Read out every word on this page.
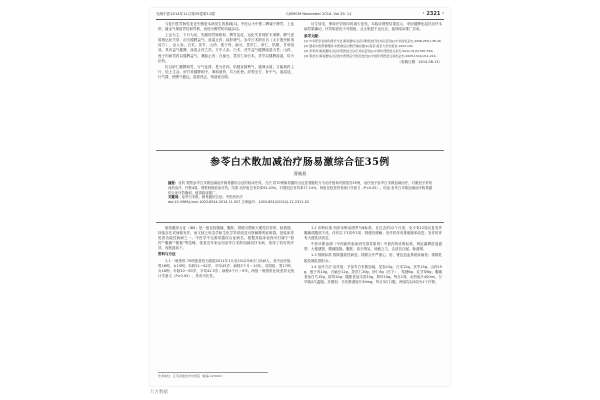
光明中医2014年11月第29卷第11期	CJGMCM November 2014. Vol 29. 11	· 2321 ·

与复归性胃肠性变化失衡是本病发生的基础[1]。中医认为中焦二脾属于脾胃，上连肝，属金气保留胃经和胃筋，表现为脾胃的功能活动。

上运为主，下行为动，先顺则胃肠相和，脾胃运化，运化失常则肝木乘脾，脾气虚弱则运化失常，治当健脾益气、渗湿止泻、疏肝理气。参苓白术散出自《太平惠民和剂局方》，由人参、白术、茯苓、山药、莲子肉、扁豆、薏苡仁、砂仁、桔梗、甘草组成，具有益气健脾、渗湿止泻之效。方中人参、白术、茯苓益气健脾渗湿为君；山药、莲子肉助君药以健脾益气，兼能止泻；白扁豆、薏苡仁助白术、茯苓以健脾渗湿，均为臣药。

佐以砂仁醒脾和胃，行气化滞，是为佐药。桔梗宣肺利气，通调水道，又能载药上行，培土生金。炒甘草健脾和中，调和诸药，共为佐使。综观全方，补中气，渗湿浊，行气滞，使脾气健运，湿邪得去，则诸症自除。

衍生转变，保持疗效的同时减少复发。本临床观察结果显示，采用健脾化湿法治疗本病效果确切，疗效明显优于对照组，且无明显不良反应，值得临床推广应用。

参考文献：
[1] 中华医学会消化病学分会.肠易激综合征诊断和治疗的共识意见[J].中华消化杂志,2008,28(1):38-40.
[2] 国家中医药管理局.中医病证诊断疗效标准[S].南京:南京大学出版社,1994:102.
[3] 李军祥.肠易激综合征中西医结合诊疗共识意见[J].中国中西医结合杂志,2011,31(5):587-590.
[4] 陈治水.肠易激综合征的中医辨证分型及治疗[J].中国中西医结合消化杂志,2005,13(4):211-214.
（收稿日期：2014.06.13）
参苓白术散加减治疗肠易激综合征35例
曹晓燕
摘要：目的 观察参苓白术散加减治疗肠易激综合征的临床疗效。方法 将70例肠易激综合征患者随机分为治疗组和对照组各35例，治疗组予参苓白术散加减治疗，对照组予常规西药治疗，疗程4周，观察两组临床疗效。结果 治疗组总有效率91.43%，对照组总有效率77.14%，两组比较差异有统计学意义（P<0.05）。结论 参苓白术散加减治疗肠易激综合征疗效确切，值得临床推广。
关键词：参苓白术散；肠易激综合征；中医药疗法
doi:10.3969/j.issn.1003-8914.2014.11.057 文章编号：1003-8914(2014)-11-2321-02

肠易激综合征（IBS）是一组包括腹痛、腹胀、排便习惯和大便性状异常、粘液便，持续存在或间歇发作，而又缺乏形态学和生化学异常改变可资解释的症候群，是临床常见的功能性肠病之一。中医学中无肠易激综合征病名，根据其临床表现可归属于"泄泻""腹痛""便秘"等范畴。笔者近年来运用参苓白术散加减治疗本病，取得了较好的疗效，现报道如下。

资料与方法

1.1 一般资料 70例患者均为我院2011年1月至2012年6月门诊病人，其中治疗组：男16例，女19例；年龄21～62岁，平均43岁；病程3个月～10年。对照组：男17例，女18例；年龄20～63岁，平均42.5岁；病程4个月～9年。两组一般资料比较差异无统计学意义（P>0.05），具有可比性。

1.2 诊断标准 西医诊断参照罗马Ⅲ标准，在过去的12个月里，至少有12周反复发作腹痛或腹部不适，伴有以下3项中2项：排便后缓解；发作时伴有排便频率改变；发作时伴有大便性状改变。

中医诊断参照《中药新药临床研究指导原则》中泄泻的诊断标准，辨证属脾虚湿盛型：大便溏泄，腹痛隐隐，腹胀，食少纳呆，神疲乏力，舌淡苔白腻，脉濡缓。

1.3 排除标准 排除器质性病变；排除合并严重心、肝、肾及造血系统疾病者；排除妊娠及哺乳期妇女。

1.4 治疗方法 治疗组：予参苓白术散加减，党参15g，白术12g，茯苓15g，山药15g，莲子肉10g，白扁豆12g，薏苡仁20g，砂仁6g（后下），桔梗6g，炙甘草6g；腹痛者加白芍15g，防风10g；腹胀者加木香10g，厚朴10g。每日1剂，水煎取汁400ml，分早晚2次温服。对照组：予匹维溴铵片50mg，每日3次口服。两组均以4周为1个疗程。

作者单位：江苏省淮安市中医院（邮编 223001）
万方数据
